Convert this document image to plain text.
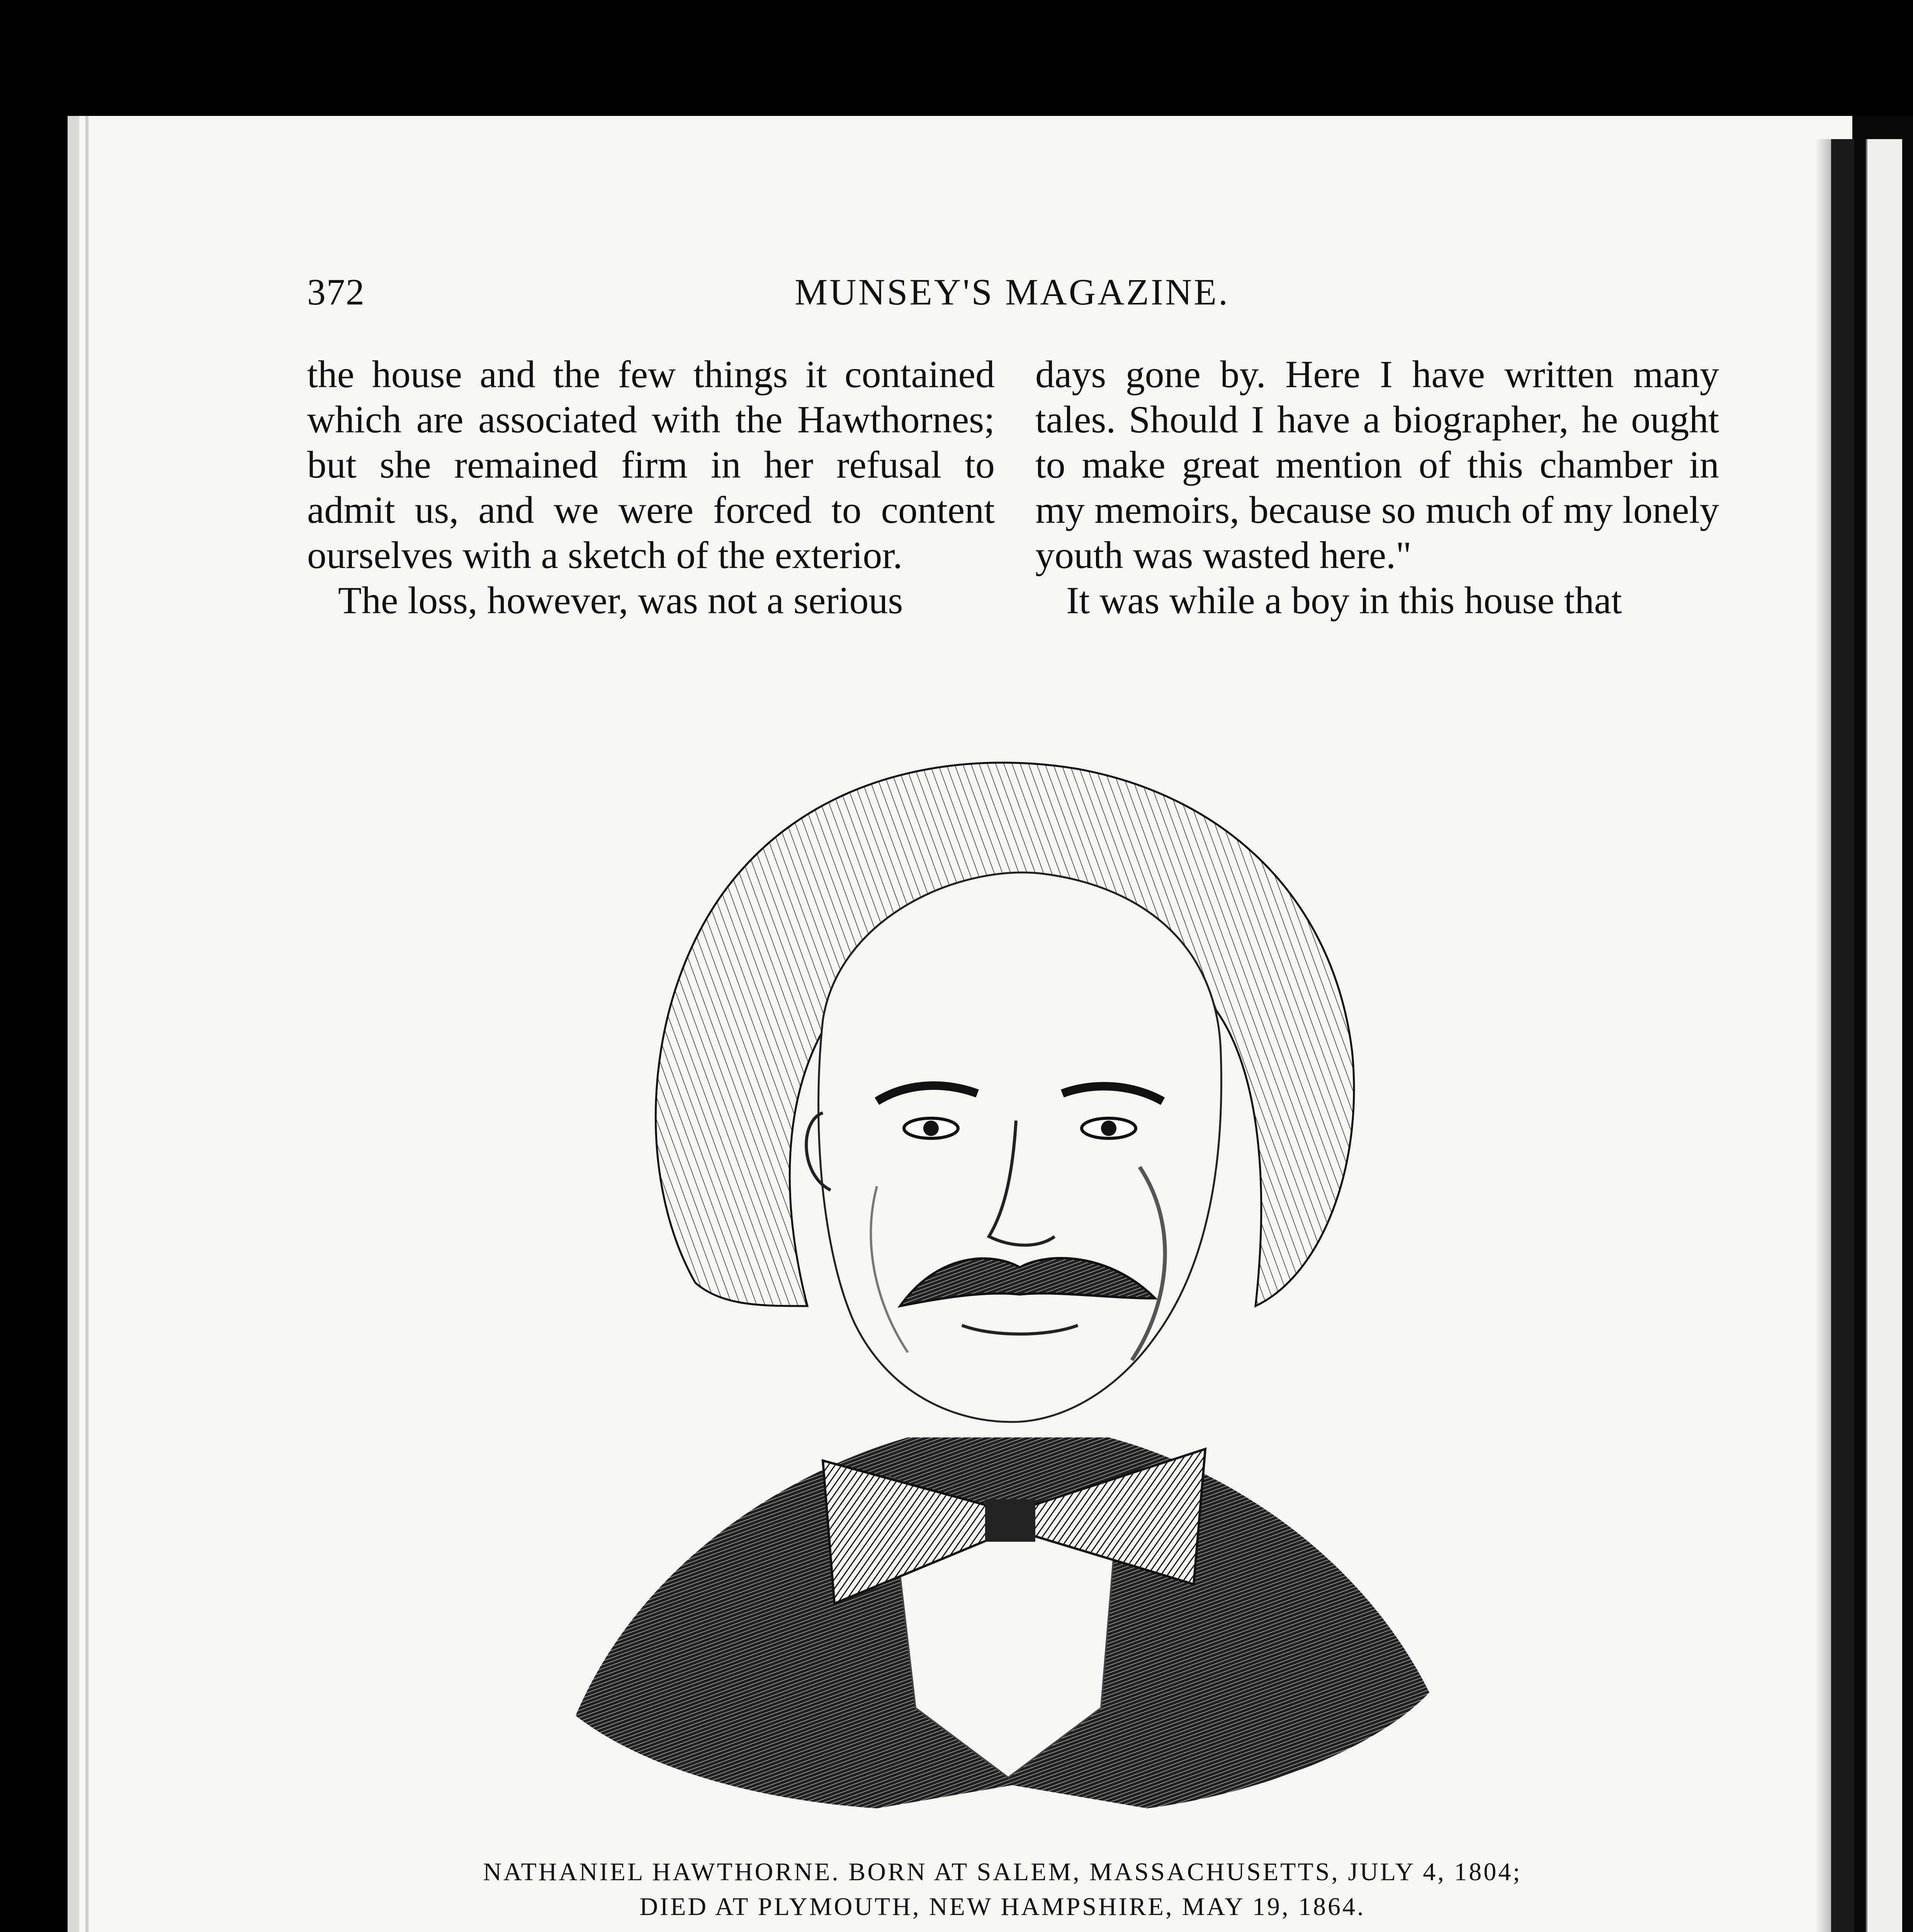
372	MUNSEY'S MAGAZINE.

the house and the few things it contained which are associated with the Hawthornes; but she remained firm in her refusal to admit us, and we were forced to content ourselves with a sketch of the exterior.

The loss, however, was not a serious

days gone by. Here I have written many tales. Should I have a biographer, he ought to make great mention of this chamber in my memoirs, because so much of my lonely youth was wasted here."

It was while a boy in this house that

NATHANIEL HAWTHORNE. BORN AT SALEM, MASSACHUSETTS, JULY 4, 1804;
DIED AT PLYMOUTH, NEW HAMPSHIRE, MAY 19, 1864.
